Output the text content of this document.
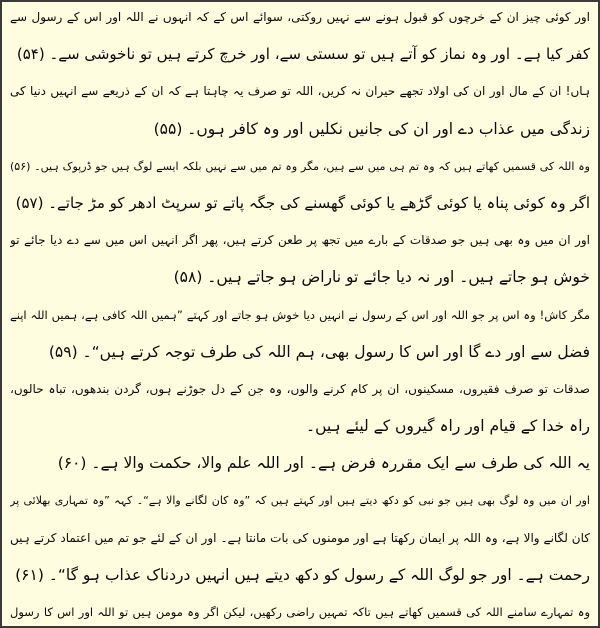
اور کوئی چیز ان کے خرچوں کو قبول ہونے سے نہیں روکتی، سوائے اس کے کہ انہوں نے اللہ اور اس کے رسول سے
کفر کیا ہے۔ اور وہ نماز کو آتے ہیں تو سستی سے، اور خرچ کرتے ہیں تو ناخوشی سے۔ (۵۴)
ہاں! ان کے مال اور ان کی اولاد تجھے حیران نہ کریں، اللہ تو صرف یہ چاہتا ہے کہ ان کے ذریعے سے انہیں دنیا کی
زندگی میں عذاب دے اور ان کی جانیں نکلیں اور وہ کافر ہوں۔ (۵۵)
وہ اللہ کی قسمیں کھاتے ہیں کہ وہ تم ہی میں سے ہیں، مگر وہ تم میں سے نہیں بلکہ ایسے لوگ ہیں جو ڈرپوک ہیں۔ (۵۶)
اگر وہ کوئی پناہ یا کوئی گڑھے یا کوئی گھسنے کی جگہ پاتے تو سرپٹ ادھر کو مڑ جاتے۔ (۵۷)
اور ان میں وہ بھی ہیں جو صدقات کے بارے میں تجھ پر طعن کرتے ہیں، پھر اگر انہیں اس میں سے دے دیا جائے تو
خوش ہو جاتے ہیں۔ اور نہ دیا جائے تو ناراض ہو جاتے ہیں۔ (۵۸)
مگر کاش! وہ اس پر جو اللہ اور اس کے رسول نے انہیں دیا خوش ہو جاتے اور کہتے ”ہمیں اللہ کافی ہے، ہمیں اللہ اپنے
فضل سے اور دے گا اور اس کا رسول بھی، ہم اللہ کی طرف توجہ کرتے ہیں“۔ (۵۹)
صدقات تو صرف فقیروں، مسکینوں، ان پر کام کرنے والوں، وہ جن کے دل جوڑنے ہوں، گردن بندھوں، تباہ حالوں،
راہ خدا کے قیام اور راہ گیروں کے لیئے ہیں۔
یہ اللہ کی طرف سے ایک مقررہ فرض ہے۔ اور اللہ علم والا، حکمت والا ہے۔ (۶۰)
اور ان میں وہ لوگ بھی ہیں جو نبی کو دکھ دیتے ہیں اور کہتے ہیں کہ ”وہ کان لگانے والا ہے“۔ کہہ ”وہ تمہاری بھلائی پر
کان لگانے والا ہے، وہ اللہ پر ایمان رکھتا ہے اور مومنوں کی بات مانتا ہے۔ اور ان کے لئے جو تم میں اعتماد کرتے ہیں
رحمت ہے۔ اور جو لوگ اللہ کے رسول کو دکھ دیتے ہیں انہیں دردناک عذاب ہو گا“۔ (۶۱)
وہ تمہارے سامنے اللہ کی قسمیں کھاتے ہیں تاکہ تمہیں راضی رکھیں، لیکن اگر وہ مومن ہیں تو اللہ اور اس کا رسول
